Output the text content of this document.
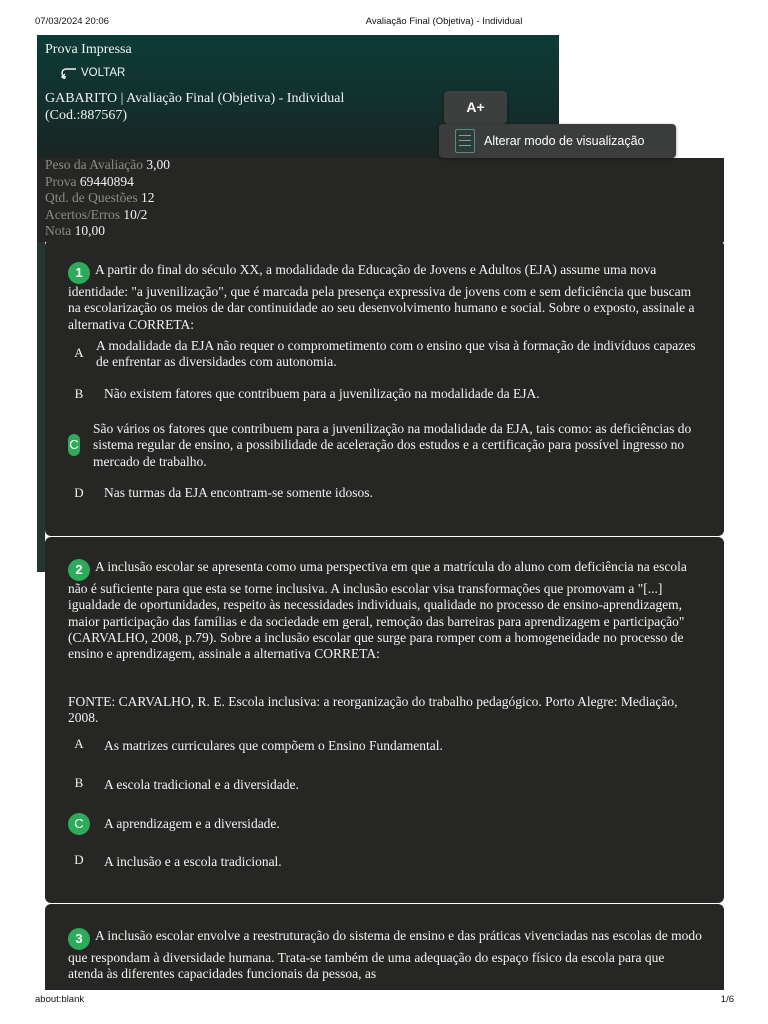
07/03/2024 20:06	Avaliação Final (Objetiva) - Individual
Prova Impressa
VOLTAR
GABARITO | Avaliação Final (Objetiva) - Individual (Cod.:887567)
A+
Alterar modo de visualização
Peso da Avaliação 3,00
Prova 69440894
Qtd. de Questões 12
Acertos/Erros 10/2
Nota 10,00
1 A partir do final do século XX, a modalidade da Educação de Jovens e Adultos (EJA) assume uma nova identidade: "a juvenilização", que é marcada pela presença expressiva de jovens com e sem deficiência que buscam na escolarização os meios de dar continuidade ao seu desenvolvimento humano e social. Sobre o exposto, assinale a alternativa CORRETA:
A A modalidade da EJA não requer o comprometimento com o ensino que visa à formação de indivíduos capazes de enfrentar as diversidades com autonomia.
B	Não existem fatores que contribuem para a juvenilização na modalidade da EJA.
C
São vários os fatores que contribuem para a juvenilização na modalidade da EJA, tais como: as deficiências do sistema regular de ensino, a possibilidade de aceleração dos estudos e a certificação para possível ingresso no mercado de trabalho.
D	Nas turmas da EJA encontram-se somente idosos.
2 A inclusão escolar se apresenta como uma perspectiva em que a matrícula do aluno com deficiência na escola não é suficiente para que esta se torne inclusiva. A inclusão escolar visa transformações que promovam a "[...] igualdade de oportunidades, respeito às necessidades individuais, qualidade no processo de ensino-aprendizagem, maior participação das famílias e da sociedade em geral, remoção das barreiras para aprendizagem e participação" (CARVALHO, 2008, p.79). Sobre a inclusão escolar que surge para romper com a homogeneidade no processo de ensino e aprendizagem, assinale a alternativa CORRETA:
FONTE: CARVALHO, R. E. Escola inclusiva: a reorganização do trabalho pedagógico. Porto Alegre: Mediação, 2008.
A	As matrizes curriculares que compõem o Ensino Fundamental.
B	A escola tradicional e a diversidade.
C	A aprendizagem e a diversidade.
D	A inclusão e a escola tradicional.
3 A inclusão escolar envolve a reestruturação do sistema de ensino e das práticas vivenciadas nas escolas de modo que respondam à diversidade humana. Trata-se também de uma adequação do espaço físico da escola para que atenda às diferentes capacidades funcionais da pessoa, as
about:blank	1/6
